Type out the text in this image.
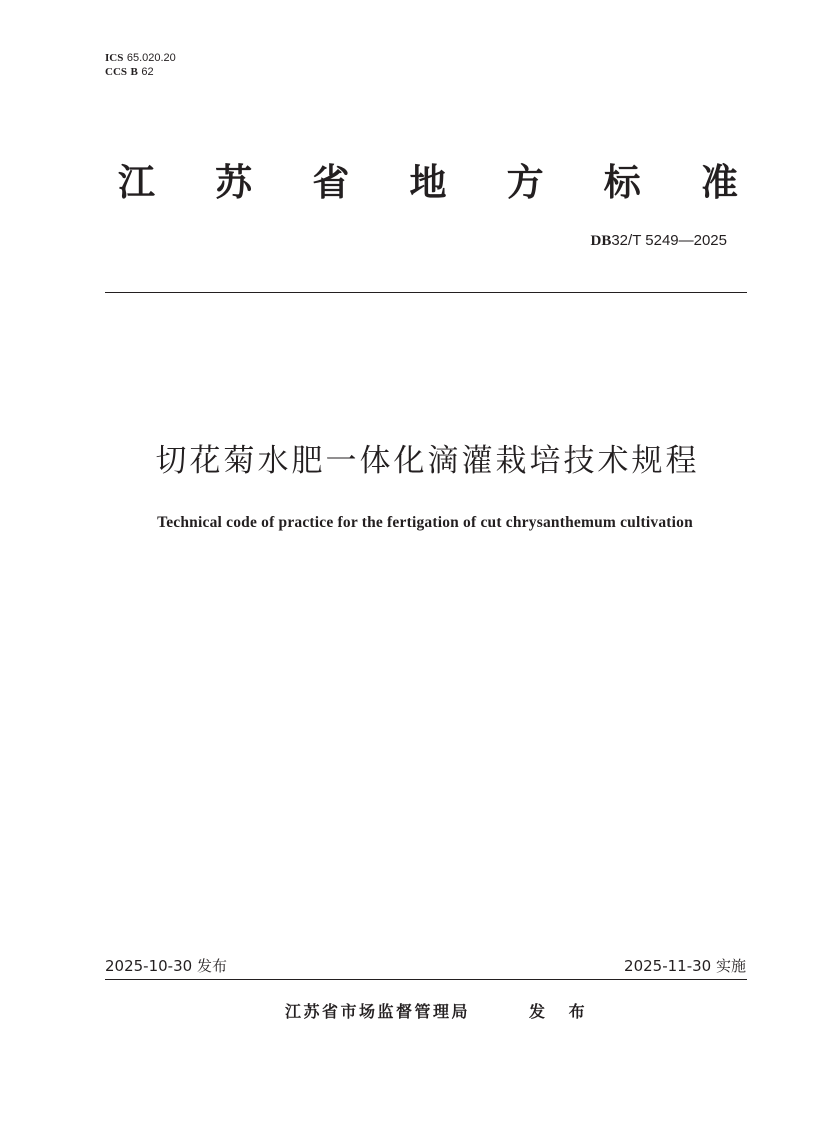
ICS 65.020.20
CCS B 62
江 苏 省 地 方 标 准
DB32/T 5249—2025
切花菊水肥一体化滴灌栽培技术规程
Technical code of practice for the fertigation of cut chrysanthemum cultivation
2025-10-30 发布	2025-11-30 实施
江苏省市场监督管理局	发 布
